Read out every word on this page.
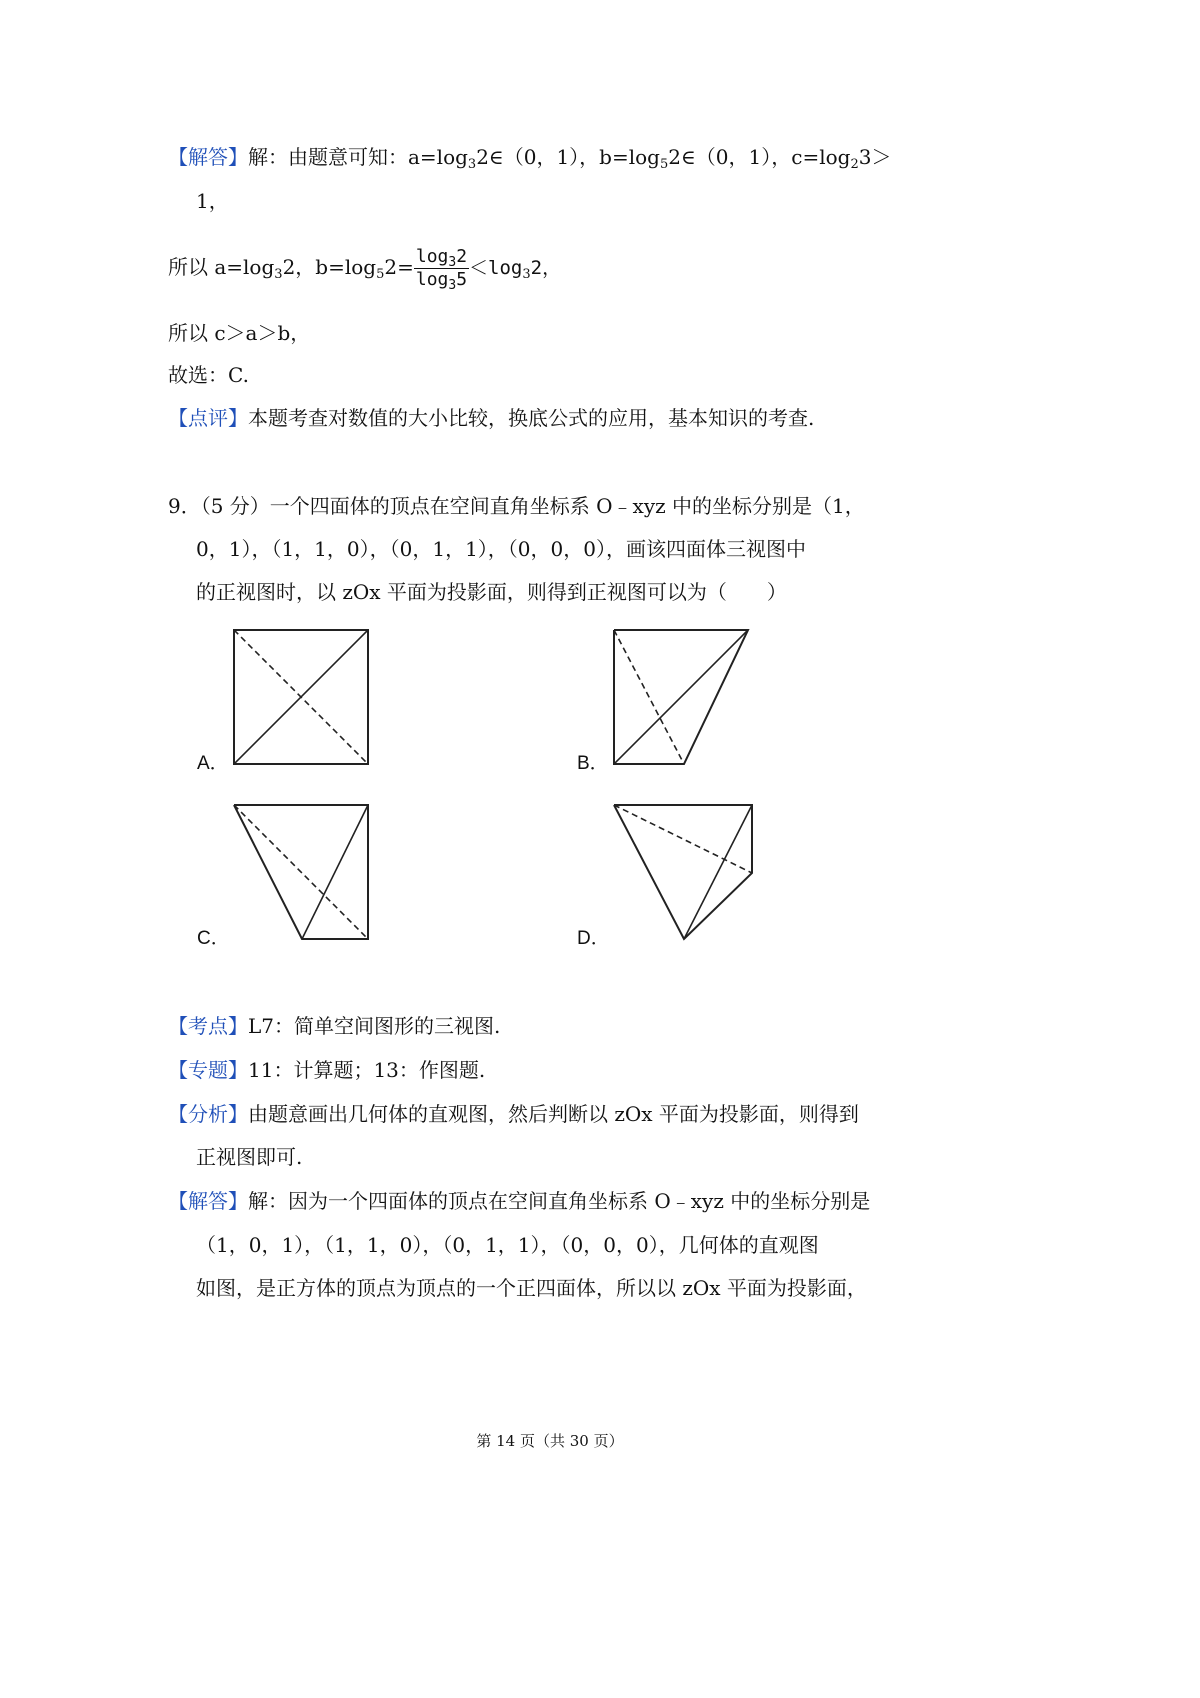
【解答】解：由题意可知：$a=\log_32\in(0$，1），$b=\log_52\in(0$，1），$c=\log_23>$
1，
所以 $a=\log_32$，$b=\log_52= \frac{\log_32}{\log_35} <\log_32$，
所以 c＞a＞b，
故选：C.
【点评】本题考查对数值的大小比较，换底公式的应用，基本知识的考查.
9．（5 分）一个四面体的顶点在空间直角坐标系 O﹣xyz 中的坐标分别是（1，
0，1），（1，1，0），（0，1，1），（0，0，0），画该四面体三视图中
的正视图时，以 zOx 平面为投影面，则得到正视图可以为（　　）
A．	B．
C．	D．
【考点】L7：简单空间图形的三视图.
【专题】11：计算题；13：作图题.
【分析】由题意画出几何体的直观图，然后判断以 zOx 平面为投影面，则得到
正视图即可.
【解答】解：因为一个四面体的顶点在空间直角坐标系 O﹣xyz 中的坐标分别是
（1，0，1），（1，1，0），（0，1，1），（0，0，0），几何体的直观图
如图，是正方体的顶点为顶点的一个正四面体，所以以 zOx 平面为投影面，
第 14 页（共 30 页）
